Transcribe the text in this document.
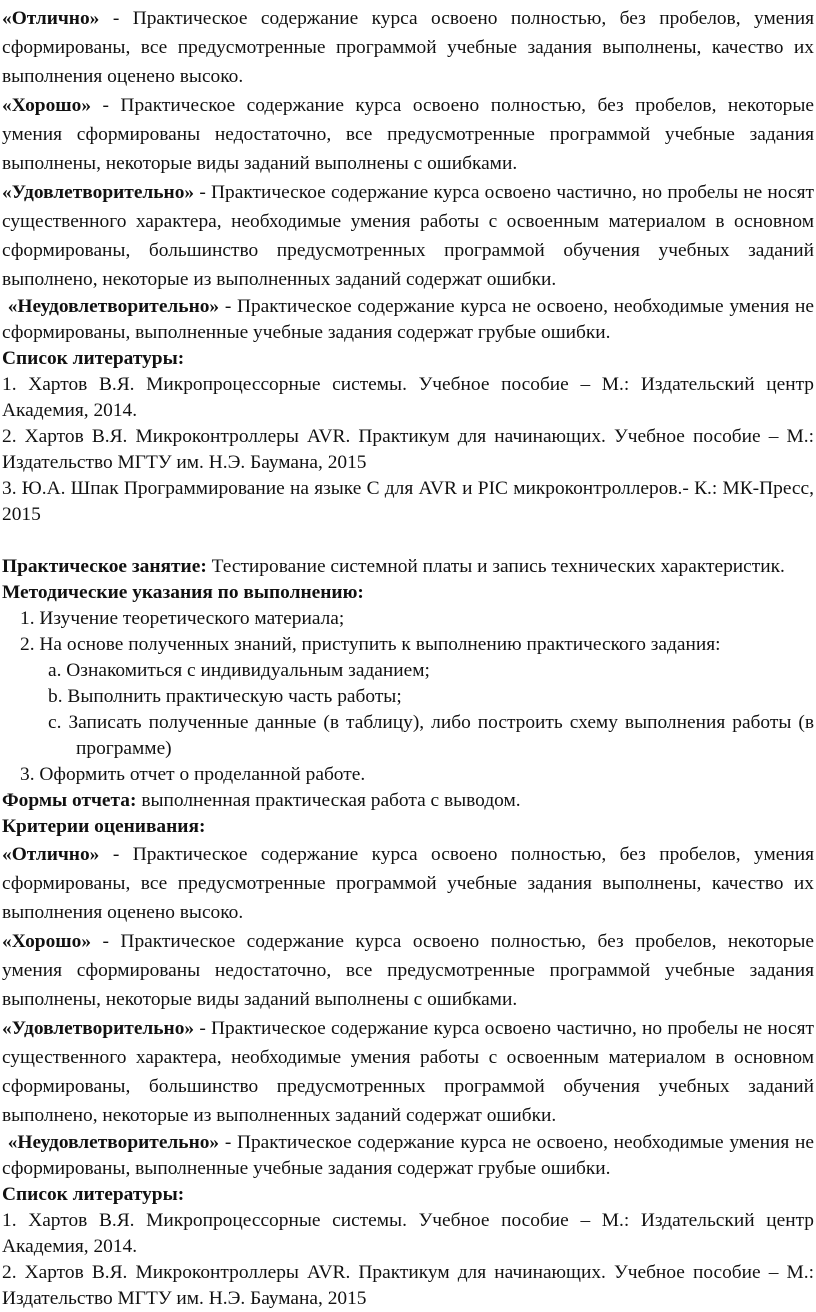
«Отлично» - Практическое содержание курса освоено полностью, без пробелов, умения сформированы, все предусмотренные программой учебные задания выполнены, качество их выполнения оценено высоко.

«Хорошо» - Практическое содержание курса освоено полностью, без пробелов, некоторые умения сформированы недостаточно, все предусмотренные программой учебные задания выполнены, некоторые виды заданий выполнены с ошибками.

«Удовлетворительно» - Практическое содержание курса освоено частично, но пробелы не носят существенного характера, необходимые умения работы с освоенным материалом в основном сформированы, большинство предусмотренных программой обучения учебных заданий выполнено, некоторые из выполненных заданий содержат ошибки.

«Неудовлетворительно» - Практическое содержание курса не освоено, необходимые умения не сформированы, выполненные учебные задания содержат грубые ошибки.

Список литературы:

1. Хартов В.Я. Микропроцессорные системы. Учебное пособие – М.: Издательский центр Академия, 2014.

2. Хартов В.Я. Микроконтроллеры AVR. Практикум для начинающих. Учебное пособие – М.: Издательство МГТУ им. Н.Э. Баумана, 2015

3. Ю.А. Шпак Программирование на языке С для AVR и PIC микроконтроллеров.- К.: МК-Пресс, 2015

Практическое занятие: Тестирование системной платы и запись технических характеристик.

Методические указания по выполнению:

1. Изучение теоретического материала;

2. На основе полученных знаний, приступить к выполнению практического задания:

a. Ознакомиться с индивидуальным заданием;

b. Выполнить практическую часть работы;

c. Записать полученные данные (в таблицу), либо построить схему выполнения работы (в программе)

3. Оформить отчет о проделанной работе.

Формы отчета: выполненная практическая работа с выводом.

Критерии оценивания:

«Отлично» - Практическое содержание курса освоено полностью, без пробелов, умения сформированы, все предусмотренные программой учебные задания выполнены, качество их выполнения оценено высоко.

«Хорошо» - Практическое содержание курса освоено полностью, без пробелов, некоторые умения сформированы недостаточно, все предусмотренные программой учебные задания выполнены, некоторые виды заданий выполнены с ошибками.

«Удовлетворительно» - Практическое содержание курса освоено частично, но пробелы не носят существенного характера, необходимые умения работы с освоенным материалом в основном сформированы, большинство предусмотренных программой обучения учебных заданий выполнено, некоторые из выполненных заданий содержат ошибки.

«Неудовлетворительно» - Практическое содержание курса не освоено, необходимые умения не сформированы, выполненные учебные задания содержат грубые ошибки.

Список литературы:

1. Хартов В.Я. Микропроцессорные системы. Учебное пособие – М.: Издательский центр Академия, 2014.

2. Хартов В.Я. Микроконтроллеры AVR. Практикум для начинающих. Учебное пособие – М.: Издательство МГТУ им. Н.Э. Баумана, 2015
